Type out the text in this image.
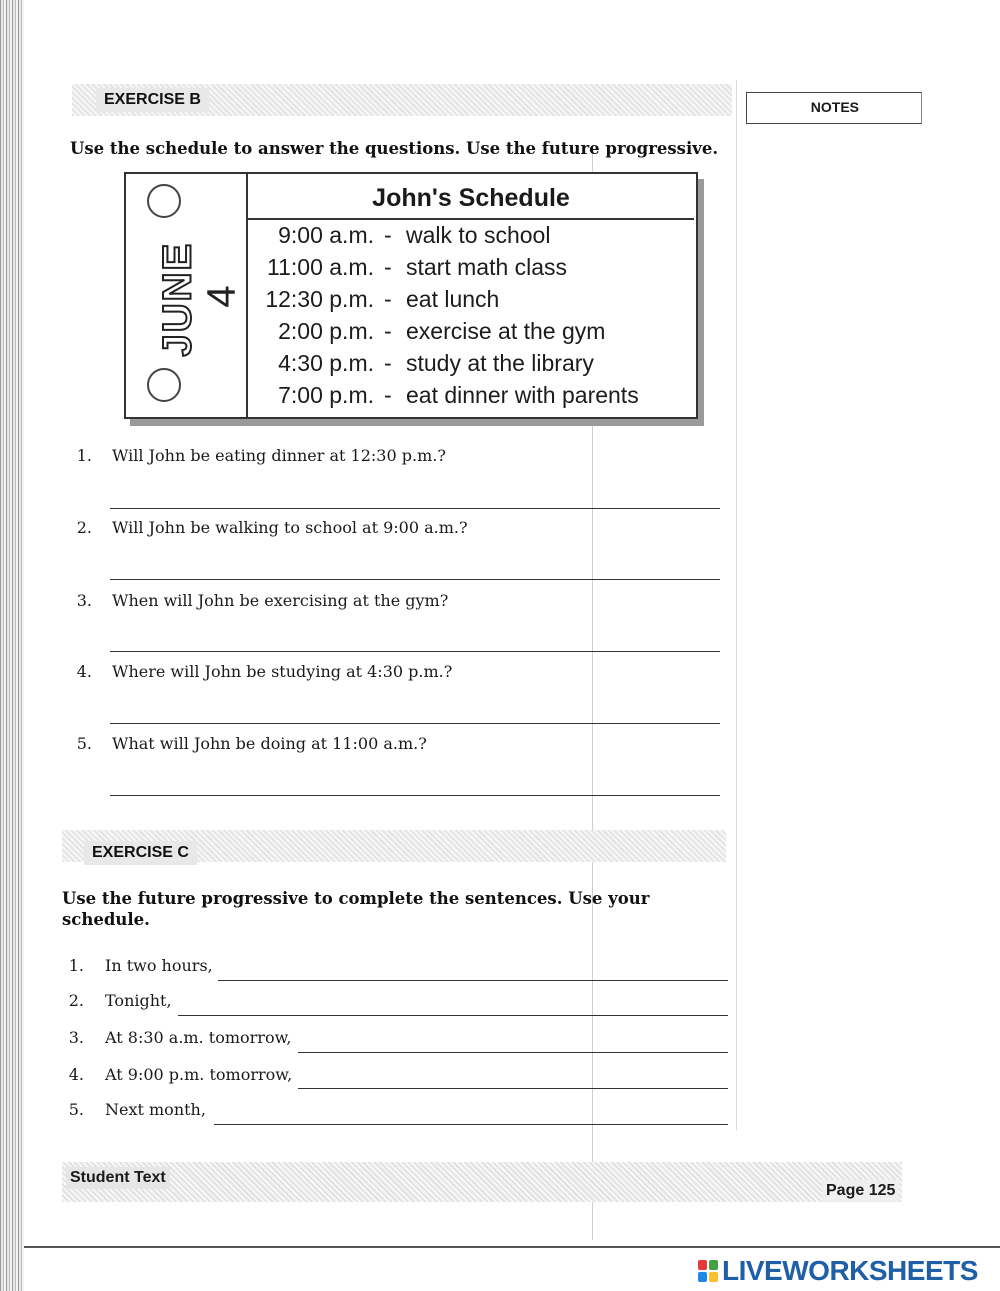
EXERCISE B	NOTES
Use the schedule to answer the questions. Use the future progressive.
JUNE 4
John's Schedule
9:00 a.m. - walk to school
11:00 a.m. - start math class
12:30 p.m. - eat lunch
2:00 p.m. - exercise at the gym
4:30 p.m. - study at the library
7:00 p.m. - eat dinner with parents
1. Will John be eating dinner at 12:30 p.m.?
2. Will John be walking to school at 9:00 a.m.?
3. When will John be exercising at the gym?
4. Where will John be studying at 4:30 p.m.?
5. What will John be doing at 11:00 a.m.?
EXERCISE C
Use the future progressive to complete the sentences. Use your
schedule.
1. In two hours,
2. Tonight,
3. At 8:30 a.m. tomorrow,
4. At 9:00 p.m. tomorrow,
5. Next month,
Student Text
Page 125
LIVEWORKSHEETS
